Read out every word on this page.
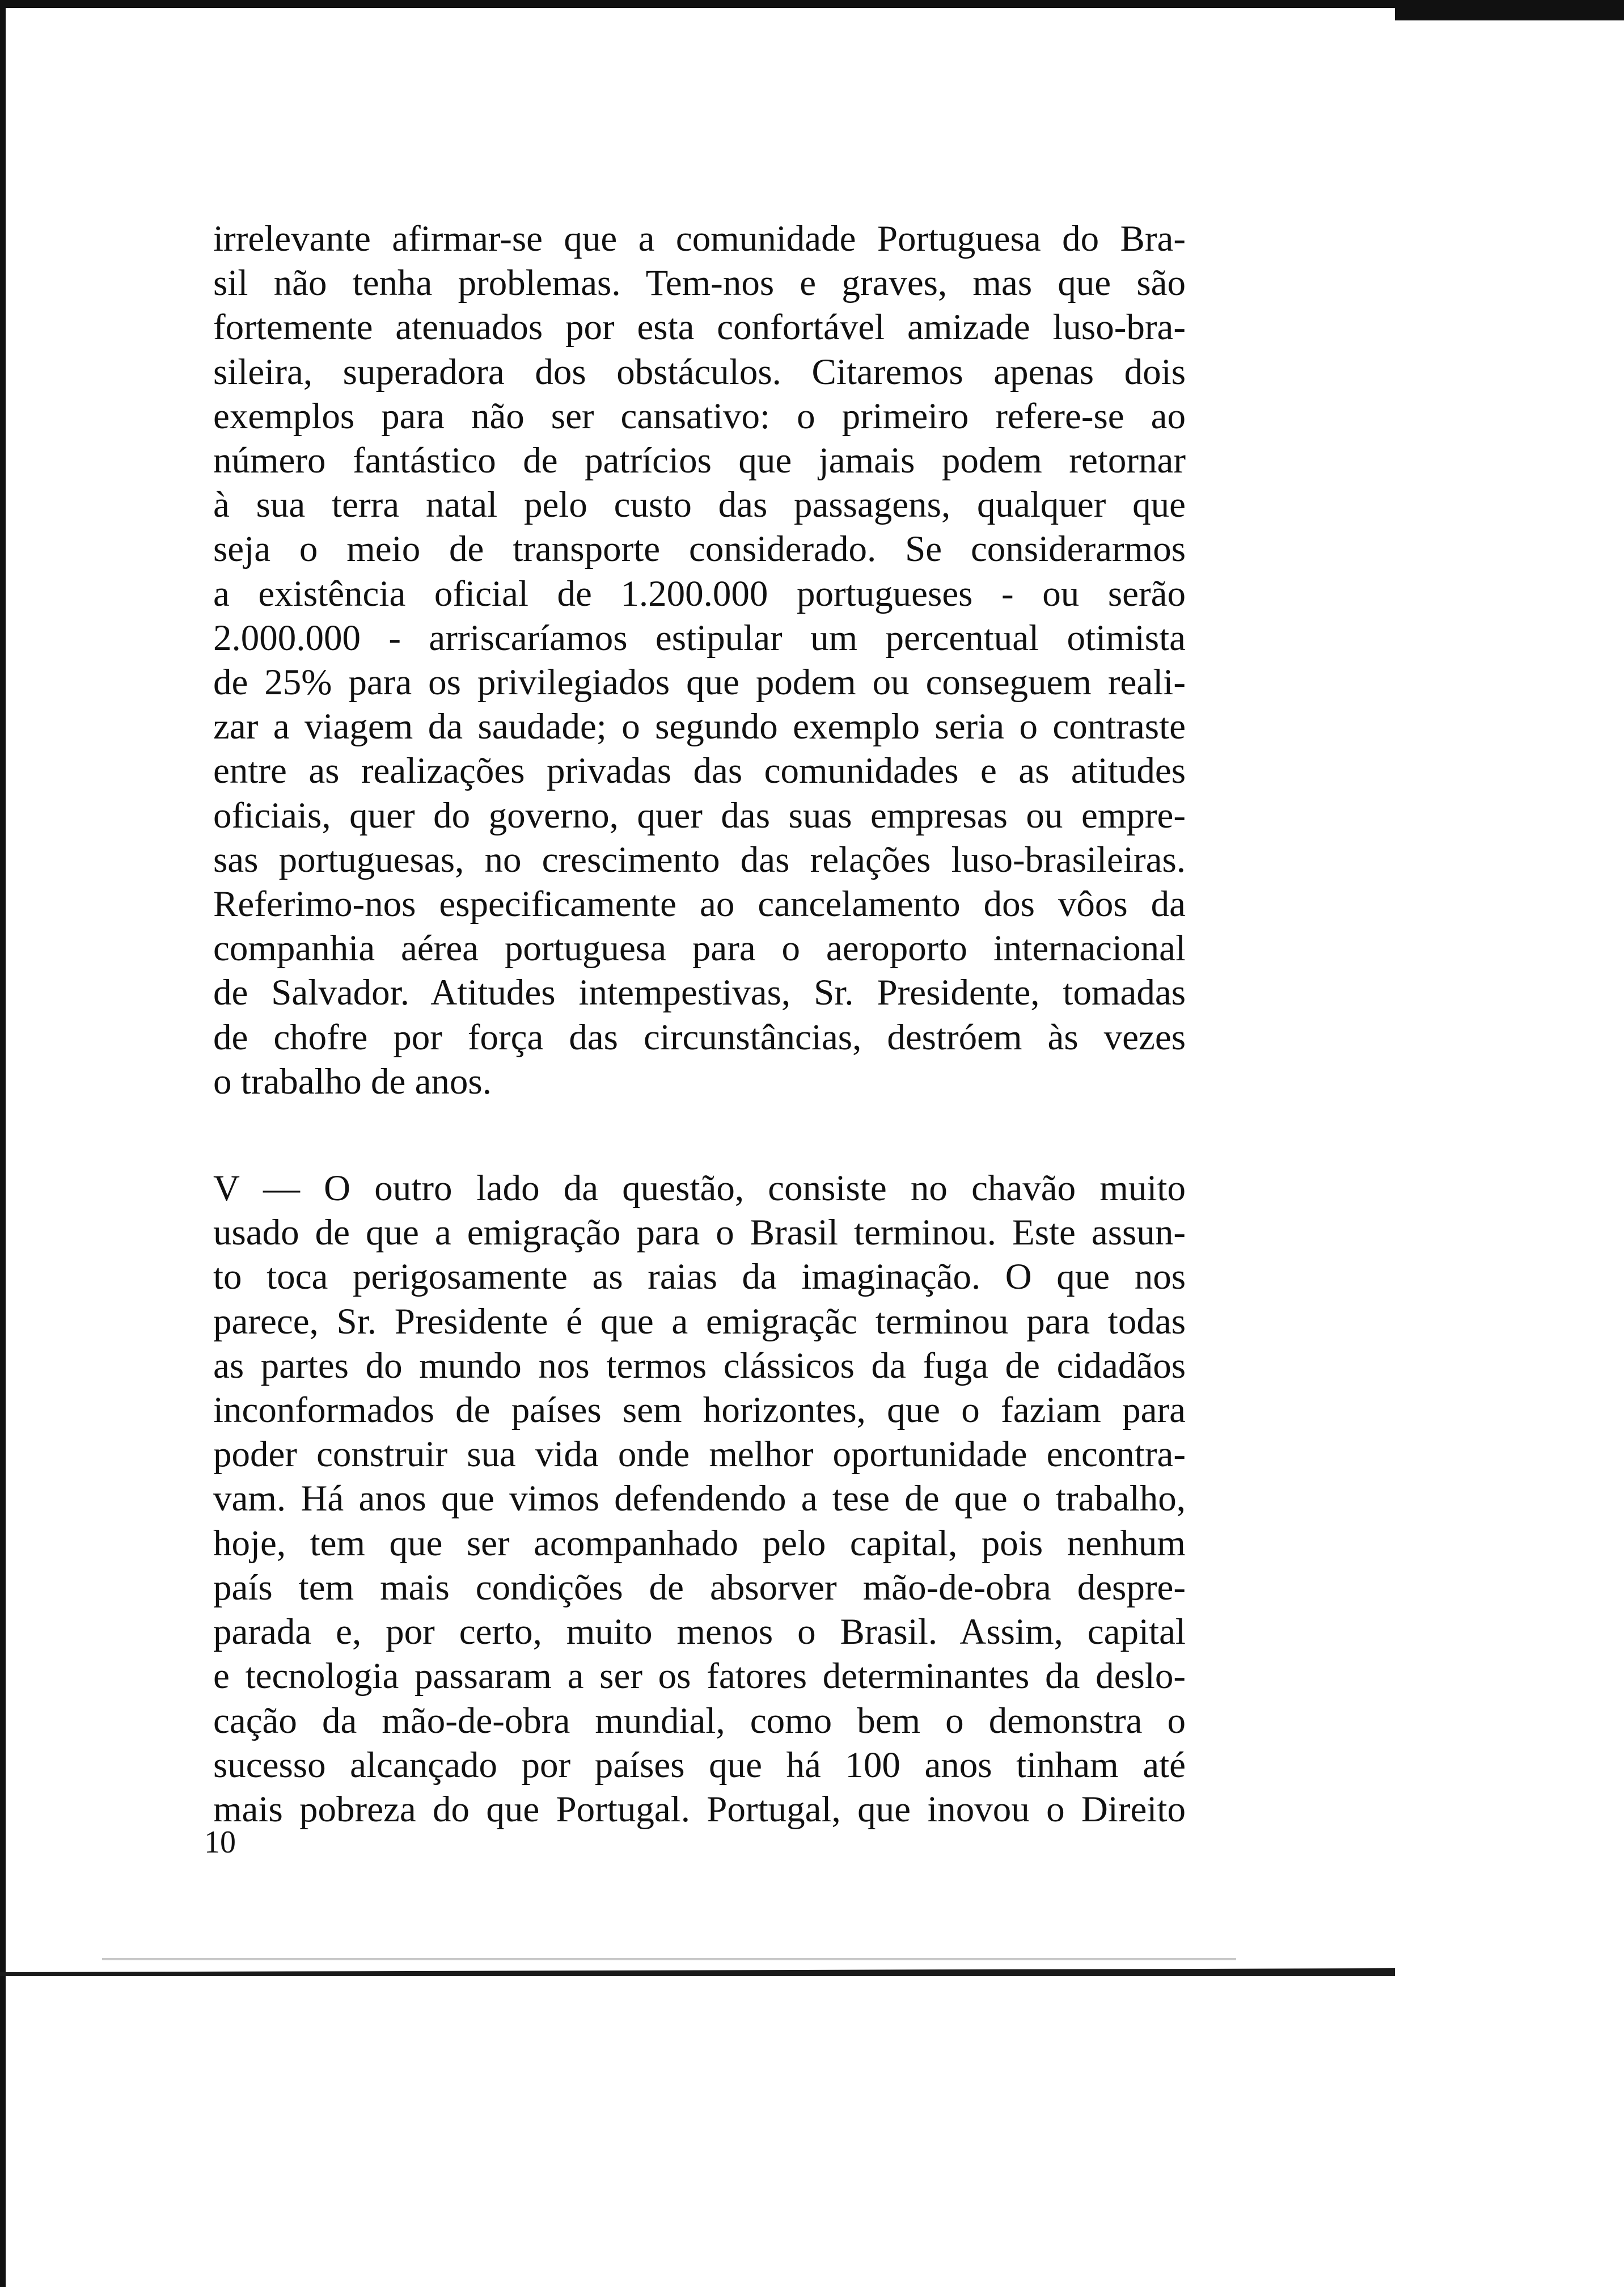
irrelevante afirmar-se que a comunidade Portuguesa do Bra-
sil não tenha problemas. Tem-nos e graves, mas que são
fortemente atenuados por esta confortável amizade luso-bra-
sileira, superadora dos obstáculos. Citaremos apenas dois
exemplos para não ser cansativo: o primeiro refere-se ao
número fantástico de patrícios que jamais podem retornar
à sua terra natal pelo custo das passagens, qualquer que
seja o meio de transporte considerado. Se considerarmos
a existência oficial de 1.200.000 portugueses - ou serão
2.000.000 - arriscaríamos estipular um percentual otimista
de 25% para os privilegiados que podem ou conseguem reali-
zar a viagem da saudade; o segundo exemplo seria o contraste
entre as realizações privadas das comunidades e as atitudes
oficiais, quer do governo, quer das suas empresas ou empre-
sas portuguesas, no crescimento das relações luso-brasileiras.
Referimo-nos especificamente ao cancelamento dos vôos da
companhia aérea portuguesa para o aeroporto internacional
de Salvador. Atitudes intempestivas, Sr. Presidente, tomadas
de chofre por força das circunstâncias, destróem às vezes
o trabalho de anos.
V — O outro lado da questão, consiste no chavão muito
usado de que a emigração para o Brasil terminou. Este assun-
to toca perigosamente as raias da imaginação. O que nos
parece, Sr. Presidente é que a emigraçãc terminou para todas
as partes do mundo nos termos clássicos da fuga de cidadãos
inconformados de países sem horizontes, que o faziam para
poder construir sua vida onde melhor oportunidade encontra-
vam. Há anos que vimos defendendo a tese de que o trabalho,
hoje, tem que ser acompanhado pelo capital, pois nenhum
país tem mais condições de absorver mão-de-obra despre-
parada e, por certo, muito menos o Brasil. Assim, capital
e tecnologia passaram a ser os fatores determinantes da deslo-
cação da mão-de-obra mundial, como bem o demonstra o
sucesso alcançado por países que há 100 anos tinham até
mais pobreza do que Portugal. Portugal, que inovou o Direito
10
